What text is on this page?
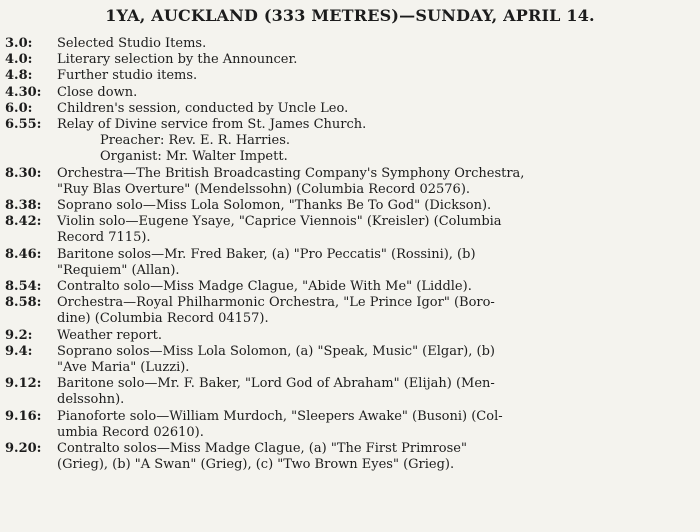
1YA, AUCKLAND (333 METRES)—SUNDAY, APRIL 14.
3.0:	Selected Studio Items.
4.0:	Literary selection by the Announcer.
4.8:	Further studio items.
4.30:	Close down.
6.0:	Children's session, conducted by Uncle Leo.
6.55:	Relay of Divine service from St. James Church.
Preacher: Rev. E. R. Harries.
Organist: Mr. Walter Impett.
8.30:	Orchestra—The British Broadcasting Company's Symphony Orchestra,
"Ruy Blas Overture" (Mendelssohn) (Columbia Record 02576).
8.38:	Soprano solo—Miss Lola Solomon, "Thanks Be To God" (Dickson).
8.42:	Violin solo—Eugene Ysaye, "Caprice Viennois" (Kreisler) (Columbia
Record 7115).
8.46:	Baritone solos—Mr. Fred Baker, (a) "Pro Peccatis" (Rossini), (b)
"Requiem" (Allan).
8.54:	Contralto solo—Miss Madge Clague, "Abide With Me" (Liddle).
8.58:	Orchestra—Royal Philharmonic Orchestra, "Le Prince Igor" (Boro-
dine) (Columbia Record 04157).
9.2:	Weather report.
9.4:	Soprano solos—Miss Lola Solomon, (a) "Speak, Music" (Elgar), (b)
"Ave Maria" (Luzzi).
9.12:	Baritone solo—Mr. F. Baker, "Lord God of Abraham" (Elijah) (Men-
delssohn).
9.16:	Pianoforte solo—William Murdoch, "Sleepers Awake" (Busoni) (Col-
umbia Record 02610).
9.20:	Contralto solos—Miss Madge Clague, (a) "The First Primrose"
(Grieg), (b) "A Swan" (Grieg), (c) "Two Brown Eyes" (Grieg).
